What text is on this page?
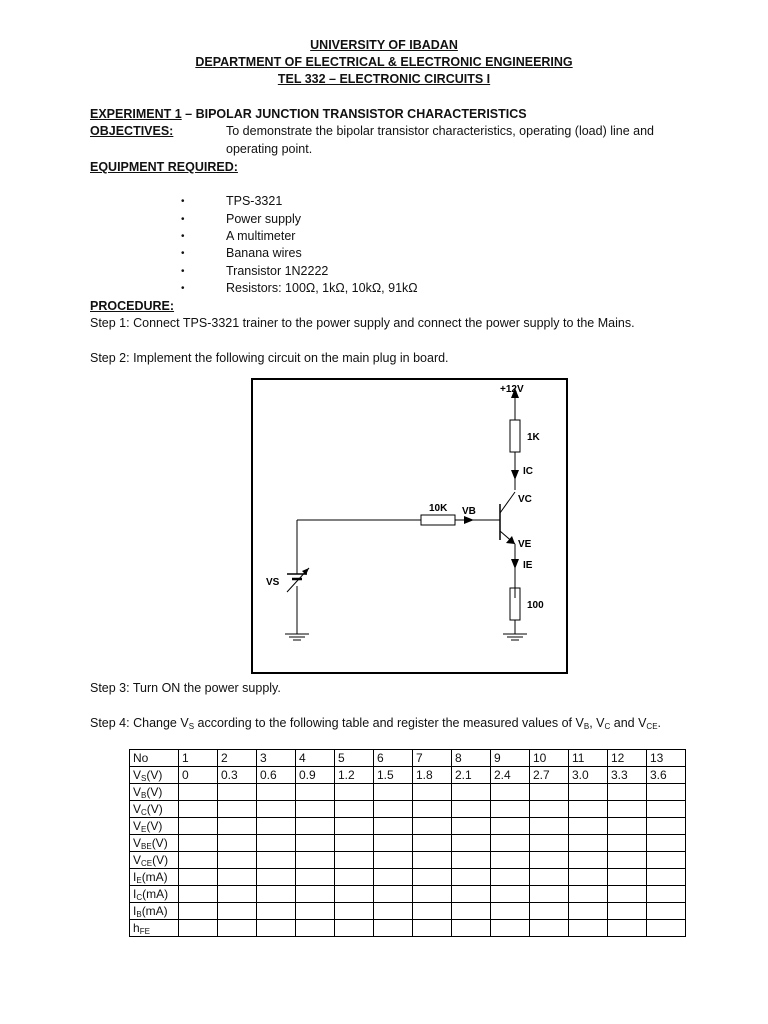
UNIVERSITY OF IBADAN
DEPARTMENT OF ELECTRICAL & ELECTRONIC ENGINEERING
TEL 332 – ELECTRONIC CIRCUITS I
EXPERIMENT 1 – BIPOLAR JUNCTION TRANSISTOR CHARACTERISTICS
OBJECTIVES:	To demonstrate the bipolar transistor characteristics, operating (load) line and
operating point.
EQUIPMENT REQUIRED:
•	TPS-3321
•	Power supply
•	A multimeter
•	Banana wires
•	Transistor 1N2222
•	Resistors: 100Ω, 1kΩ, 10kΩ, 91kΩ
PROCEDURE:
Step 1: Connect TPS-3321 trainer to the power supply and connect the power supply to the Mains.
Step 2: Implement the following circuit on the main plug in board.
+12V
1K
IC
VC
10K VB
VE
IE
100
VS
Step 3: Turn ON the power supply.
Step 4: Change $V_S$ according to the following table and register the measured values of $V_B$, $V_C$ and $V_{CE}$.
No	1	2	3	4	5	6	7	8	9	10	11	12	13
$V_S(V)$	0	0.3	0.6	0.9	1.2	1.5	1.8	2.1	2.4	2.7	3.0	3.3	3.6
$V_B(V)$													
$V_C(V)$													
$V_E(V)$													
$V_{BE}(V)$													
$V_{CE}(V)$													
$I_E(mA)$													
$I_C(mA)$													
$I_B(mA)$													
$h_{FE}$													
